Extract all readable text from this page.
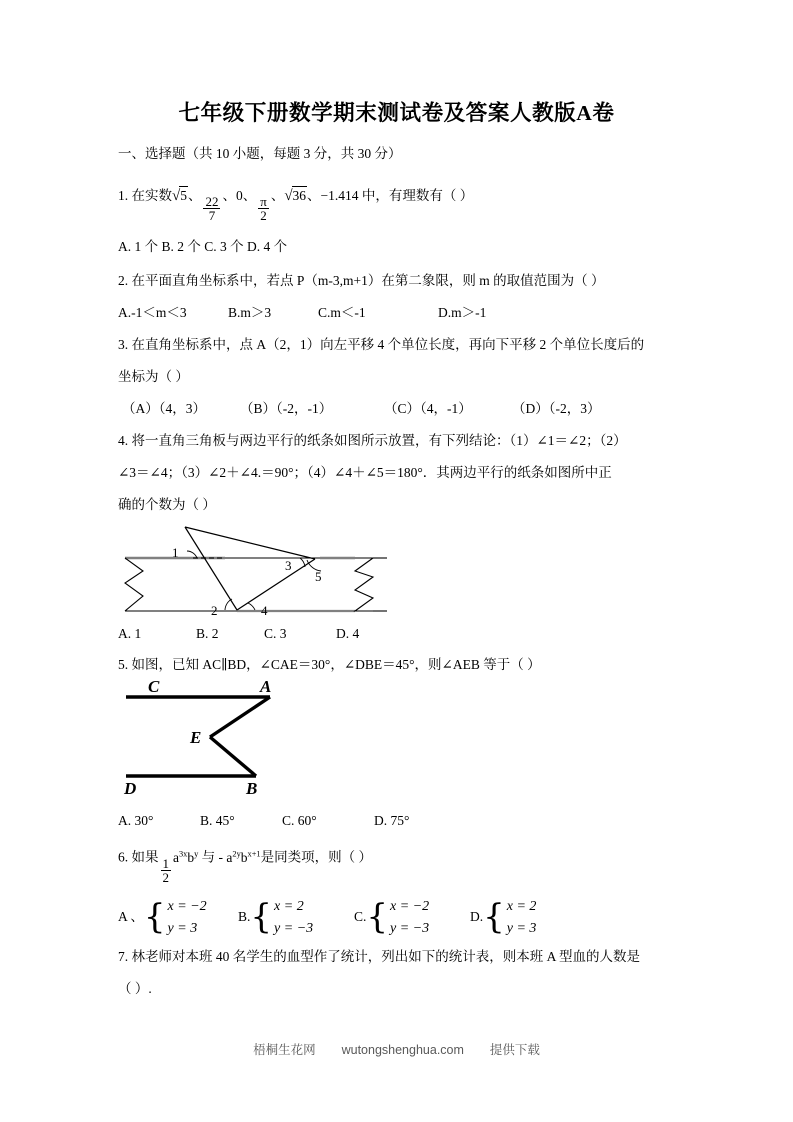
七年级下册数学期末测试卷及答案人教版A卷
一、选择题（共 10 小题，每题 3 分，共 30 分）
1. 在实数√5、 $\frac{22}{7}$ 、0、 $\frac{\pi}{2}$ 、√36、−1.414 中，有理数有（ ）
A. 1 个 B. 2 个 C. 3 个 D. 4 个
2. 在平面直角坐标系中，若点 P（m-3,m+1）在第二象限，则 m 的取值范围为（ ）
A.-1＜m＜3	B.m＞3	C.m＜-1	D.m＞-1
3. 在直角坐标系中，点 A（2，1）向左平移 4 个单位长度，再向下平移 2 个单位长度后的
坐标为（ ）
（A）（4，3）	（B）（-2，-1）	（C）（4，-1）	（D）（-2，3）
4. 将一直角三角板与两边平行的纸条如图所示放置，有下列结论：（1）∠1＝∠2；（2）
∠3＝∠4；（3）∠2＋∠4.＝90°；（4）∠4＋∠5＝180°．其两边平行的纸条如图所中正
确的个数为（ ）
1
2
3
4
5
A. 1	B. 2	C. 3	D. 4
5. 如图，已知 AC∥BD，∠CAE＝30°，∠DBE＝45°，则∠AEB 等于（ ）
C	A
E
D	B
A. 30°	B. 45°	C. 60°	D. 75°
6. 如果 $\frac{1}{2} a^{3x}b^y$ 与 - $a^{2y}b^{x+1}$是同类项，则（ ）
A 、 { x = −2
y = 3
B. { x = 2
y = −3
C. { x = −2
y = −3
D. { x = 2
y = 3
7. 林老师对本班 40 名学生的血型作了统计，列出如下的统计表，则本班 A 型血的人数是
（ ）.
梧桐生花网 wutongshenghua.com 提供下载
